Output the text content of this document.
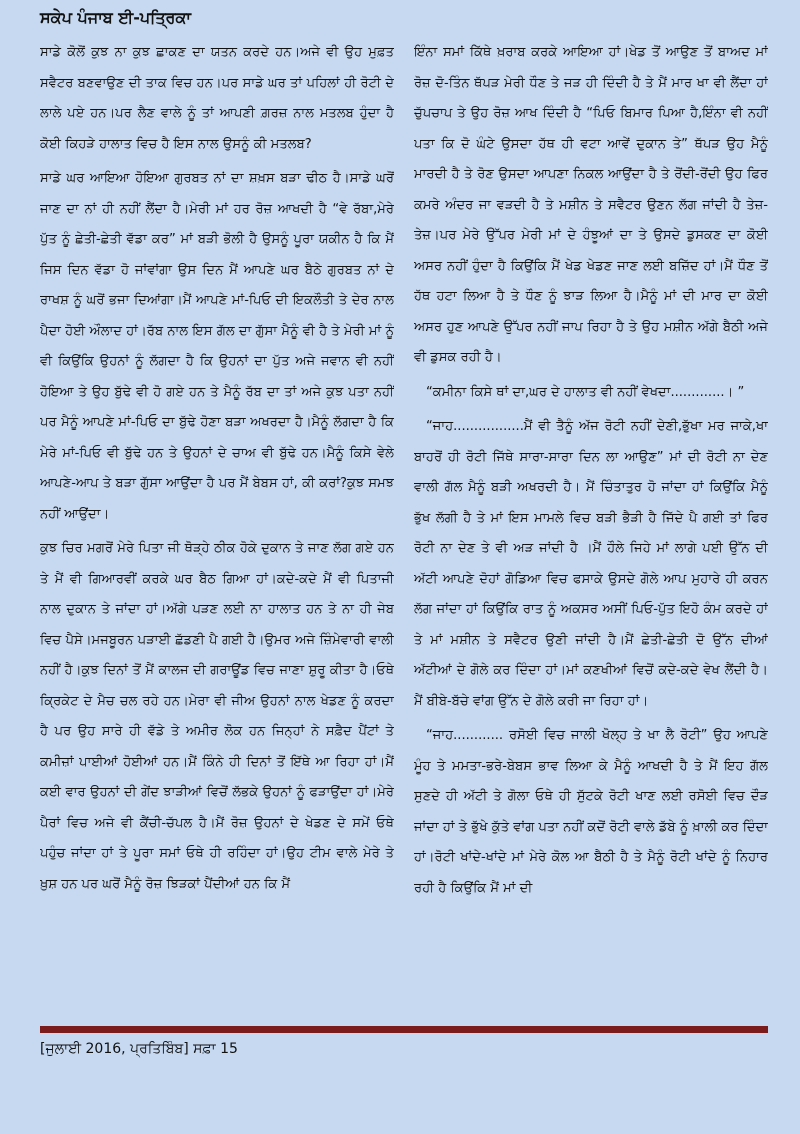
ਸਕੇਪ ਪੰਜਾਬ ਈ-ਪਤ੍ਰਿਕਾ

ਸਾਡੇ ਕੋਲੋਂ ਕੁਝ ਨਾ ਕੁਝ ਛਾਕਣ ਦਾ ਯਤਨ ਕਰਦੇ ਹਨ।ਅਜੇ ਵੀ ਉਹ ਮੁਫ਼ਤ ਸਵੈਟਰ ਬਣਵਾਉਣ ਦੀ ਤਾਕ ਵਿਚ ਹਨ।ਪਰ ਸਾਡੇ ਘਰ ਤਾਂ ਪਹਿਲਾਂ ਹੀ ਰੋਟੀ ਦੇ ਲਾਲੇ ਪਏ ਹਨ।ਪਰ ਲੈਣ ਵਾਲੇ ਨੂੰ ਤਾਂ ਆਪਣੀ ਗ਼ਰਜ਼ ਨਾਲ ਮਤਲਬ ਹੁੰਦਾ ਹੈ ਕੋਈ ਕਿਹੜੇ ਹਾਲਾਤ ਵਿਚ ਹੈ ਇਸ ਨਾਲ ਉਸਨੂੰ ਕੀ ਮਤਲਬ?

ਸਾਡੇ ਘਰ ਆਇਆ ਹੋਇਆ ਗੁਰਬਤ ਨਾਂ ਦਾ ਸ਼ਖ਼ਸ ਬੜਾ ਢੀਠ ਹੈ।ਸਾਡੇ ਘਰੋਂ ਜਾਣ ਦਾ ਨਾਂ ਹੀ ਨਹੀਂ ਲੈਂਦਾ ਹੈ।ਮੇਰੀ ਮਾਂ ਹਰ ਰੋਜ਼ ਆਖਦੀ ਹੈ “ਵੇ ਰੱਬਾ,ਮੇਰੇ ਪੁੱਤ ਨੂੰ ਛੇਤੀ-ਛੇਤੀ ਵੱਡਾ ਕਰ” ਮਾਂ ਬੜੀ ਭੋਲੀ ਹੈ ਉਸਨੂੰ ਪੂਰਾ ਯਕੀਨ ਹੈ ਕਿ ਮੈਂ ਜਿਸ ਦਿਨ ਵੱਡਾ ਹੋ ਜਾਂਵਾਂਗਾ ਉਸ ਦਿਨ ਮੈਂ ਆਪਣੇ ਘਰ ਬੈਠੇ ਗੁਰਬਤ ਨਾਂ ਦੇ ਰਾਖਸ਼ ਨੂੰ ਘਰੋਂ ਭਜਾ ਦਿਆਂਗਾ।ਮੈਂ ਆਪਣੇ ਮਾਂ-ਪਿਓ ਦੀ ਇਕਲੌਤੀ ਤੇ ਦੇਰ ਨਾਲ ਪੈਦਾ ਹੋਈ ਔਲਾਦ ਹਾਂ।ਰੱਬ ਨਾਲ ਇਸ ਗੱਲ ਦਾ ਗੁੱਸਾ ਮੈਨੂੰ ਵੀ ਹੈ ਤੇ ਮੇਰੀ ਮਾਂ ਨੂੰ ਵੀ ਕਿਉਂਕਿ ਉਹਨਾਂ ਨੂੰ ਲੱਗਦਾ ਹੈ ਕਿ ਉਹਨਾਂ ਦਾ ਪੁੱਤ ਅਜੇ ਜਵਾਨ ਵੀ ਨਹੀਂ ਹੋਇਆ ਤੇ ਉਹ ਬੁੱਢੇ ਵੀ ਹੋ ਗਏ ਹਨ ਤੇ ਮੈਨੂੰ ਰੱਬ ਦਾ ਤਾਂ ਅਜੇ ਕੁਝ ਪਤਾ ਨਹੀਂ ਪਰ ਮੈਨੂੰ ਆਪਣੇ ਮਾਂ-ਪਿਓ ਦਾ ਬੁੱਢੇ ਹੋਣਾ ਬੜਾ ਅਖਰਦਾ ਹੈ।ਮੈਨੂੰ ਲੱਗਦਾ ਹੈ ਕਿ ਮੇਰੇ ਮਾਂ-ਪਿਓ ਵੀ ਬੁੱਢੇ ਹਨ ਤੇ ਉਹਨਾਂ ਦੇ ਚਾਅ ਵੀ ਬੁੱਢੇ ਹਨ।ਮੈਨੂੰ ਕਿਸੇ ਵੇਲੇ ਆਪਣੇ-ਆਪ ਤੇ ਬੜਾ ਗੁੱਸਾ ਆਉਂਦਾ ਹੈ ਪਰ ਮੈਂ ਬੇਬਸ ਹਾਂ, ਕੀ ਕਰਾਂ?ਕੁਝ ਸਮਝ ਨਹੀਂ ਆਉਂਦਾ।

ਕੁਝ ਚਿਰ ਮਗਰੋਂ ਮੇਰੇ ਪਿਤਾ ਜੀ ਥੋੜ੍ਹੇ ਠੀਕ ਹੋਕੇ ਦੁਕਾਨ ਤੇ ਜਾਣ ਲੱਗ ਗਏ ਹਨ ਤੇ ਮੈਂ ਵੀ ਗਿਆਰਵੀਂ ਕਰਕੇ ਘਰ ਬੈਠ ਗਿਆ ਹਾਂ।ਕਦੇ-ਕਦੇ ਮੈਂ ਵੀ ਪਿਤਾਜੀ ਨਾਲ ਦੁਕਾਨ ਤੇ ਜਾਂਦਾ ਹਾਂ।ਅੱਗੇ ਪੜਣ ਲਈ ਨਾ ਹਾਲਾਤ ਹਨ ਤੇ ਨਾ ਹੀ ਜੇਬ ਵਿਚ ਪੈਸੇ।ਮਜਬੂਰਨ ਪੜਾਈ ਛੱਡਣੀ ਪੈ ਗਈ ਹੈ।ਉਮਰ ਅਜੇ ਜ਼ਿੰਮੇਵਾਰੀ ਵਾਲੀ ਨਹੀਂ ਹੈ।ਕੁਝ ਦਿਨਾਂ ਤੋਂ ਮੈਂ ਕਾਲਜ ਦੀ ਗਰਾਊਂਡ ਵਿਚ ਜਾਣਾ ਸ਼ੁਰੂ ਕੀਤਾ ਹੈ।ਓਥੇ ਕ੍ਰਿਕੇਟ ਦੇ ਮੈਚ ਚਲ ਰਹੇ ਹਨ।ਮੇਰਾ ਵੀ ਜੀਅ ਉਹਨਾਂ ਨਾਲ ਖੇਡਣ ਨੂੰ ਕਰਦਾ ਹੈ ਪਰ ਉਹ ਸਾਰੇ ਹੀ ਵੱਡੇ ਤੇ ਅਮੀਰ ਲੋਕ ਹਨ ਜਿਨ੍ਹਾਂ ਨੇ ਸਫ਼ੈਦ ਪੈਂਟਾਂ ਤੇ ਕਮੀਜ਼ਾਂ ਪਾਈਆਂ ਹੋਈਆਂ ਹਨ।ਮੈਂ ਕਿੰਨੇ ਹੀ ਦਿਨਾਂ ਤੋਂ ਇੱਥੇ ਆ ਰਿਹਾ ਹਾਂ।ਮੈਂ ਕਈ ਵਾਰ ਉਹਨਾਂ ਦੀ ਗੇਂਦ ਝਾੜੀਆਂ ਵਿਚੋਂ ਲੱਭਕੇ ਉਹਨਾਂ ਨੂੰ ਫੜਾਉਂਦਾ ਹਾਂ।ਮੇਰੇ ਪੈਰਾਂ ਵਿਚ ਅਜੇ ਵੀ ਕੈਂਚੀ-ਚੱਪਲ ਹੈ।ਮੈਂ ਰੋਜ਼ ਉਹਨਾਂ ਦੇ ਖੇਡਣ ਦੇ ਸਮੇਂ ਓਥੇ ਪਹੁੰਚ ਜਾਂਦਾ ਹਾਂ ਤੇ ਪੂਰਾ ਸਮਾਂ ਓਥੇ ਹੀ ਰਹਿੰਦਾ ਹਾਂ।ਉਹ ਟੀਮ ਵਾਲੇ ਮੇਰੇ ਤੇ ਖ਼ੁਸ਼ ਹਨ ਪਰ ਘਰੋਂ ਮੈਨੂੰ ਰੋਜ਼ ਝਿੜਕਾਂ ਪੈਂਦੀਆਂ ਹਨ ਕਿ ਮੈਂ

ਇੰਨਾ ਸਮਾਂ ਕਿੱਥੇ ਖ਼ਰਾਬ ਕਰਕੇ ਆਇਆ ਹਾਂ।ਖੇਡ ਤੋਂ ਆਉਣ ਤੋਂ ਬਾਅਦ ਮਾਂ ਰੋਜ਼ ਦੋ-ਤਿੰਨ ਥੱਪੜ ਮੇਰੀ ਧੌਣ ਤੇ ਜੜ ਹੀ ਦਿੰਦੀ ਹੈ ਤੇ ਮੈਂ ਮਾਰ ਖਾ ਵੀ ਲੈਂਦਾ ਹਾਂ ਚੁੱਪਚਾਪ ਤੇ ਉਹ ਰੋਜ਼ ਆਖ ਦਿੰਦੀ ਹੈ “ਪਿਓ ਬਿਮਾਰ ਪਿਆ ਹੈ,ਇੰਨਾ ਵੀ ਨਹੀਂ ਪਤਾ ਕਿ ਦੋ ਘੰਟੇ ਉਸਦਾ ਹੱਥ ਹੀ ਵਟਾ ਆਵੇਂ ਦੁਕਾਨ ਤੇ” ਥੱਪੜ ਉਹ ਮੈਨੂੰ ਮਾਰਦੀ ਹੈ ਤੇ ਰੋਣ ਉਸਦਾ ਆਪਣਾ ਨਿਕਲ ਆਉਂਦਾ ਹੈ ਤੇ ਰੋਂਦੀ-ਰੋਂਦੀ ਉਹ ਫਿਰ ਕਮਰੇ ਅੰਦਰ ਜਾ ਵੜਦੀ ਹੈ ਤੇ ਮਸ਼ੀਨ ਤੇ ਸਵੈਟਰ ਉਣਨ ਲੱਗ ਜਾਂਦੀ ਹੈ ਤੇਜ਼-ਤੇਜ਼।ਪਰ ਮੇਰੇ ਉੱਪਰ ਮੇਰੀ ਮਾਂ ਦੇ ਹੰਝੂਆਂ ਦਾ ਤੇ ਉਸਦੇ ਡੁਸਕਣ ਦਾ ਕੋਈ ਅਸਰ ਨਹੀਂ ਹੁੰਦਾ ਹੈ ਕਿਉਂਕਿ ਮੈਂ ਖੇਡ ਖੇਡਣ ਜਾਣ ਲਈ ਬਜ਼ਿੱਦ ਹਾਂ।ਮੈਂ ਧੌਣ ਤੋਂ ਹੱਥ ਹਟਾ ਲਿਆ ਹੈ ਤੇ ਧੌਣ ਨੂੰ ਝਾੜ ਲਿਆ ਹੈ।ਮੈਨੂੰ ਮਾਂ ਦੀ ਮਾਰ ਦਾ ਕੋਈ ਅਸਰ ਹੁਣ ਆਪਣੇ ਉੱਪਰ ਨਹੀਂ ਜਾਪ ਰਿਹਾ ਹੈ ਤੇ ਉਹ ਮਸ਼ੀਨ ਅੱਗੇ ਬੈਠੀ ਅਜੇ ਵੀ ਡੁਸਕ ਰਹੀ ਹੈ।

“ਕਮੀਨਾ ਕਿਸੇ ਥਾਂ ਦਾ,ਘਰ ਦੇ ਹਾਲਾਤ ਵੀ ਨਹੀਂ ਵੇਖਦਾ.............। ”

“ਜਾਹ.................ਮੈਂ ਵੀ ਤੈਨੂੰ ਅੱਜ ਰੋਟੀ ਨਹੀਂ ਦੇਣੀ,ਭੁੱਖਾ ਮਰ ਜਾਕੇ,ਖਾ ਬਾਹਰੋਂ ਹੀ ਰੋਟੀ ਜਿੱਥੇ ਸਾਰਾ-ਸਾਰਾ ਦਿਨ ਲਾ ਆਉਣ” ਮਾਂ ਦੀ ਰੋਟੀ ਨਾ ਦੇਣ ਵਾਲੀ ਗੱਲ ਮੈਨੂੰ ਬੜੀ ਅਖਰਦੀ ਹੈ। ਮੈਂ ਚਿੰਤਾਤੁਰ ਹੋ ਜਾਂਦਾ ਹਾਂ ਕਿਉਂਕਿ ਮੈਨੂੰ ਭੁੱਖ ਲੱਗੀ ਹੈ ਤੇ ਮਾਂ ਇਸ ਮਾਮਲੇ ਵਿਚ ਬੜੀ ਭੈੜੀ ਹੈ ਜਿੱਦੇ ਪੈ ਗਈ ਤਾਂ ਫਿਰ ਰੋਟੀ ਨਾ ਦੇਣ ਤੇ ਵੀ ਅੜ ਜਾਂਦੀ ਹੈ ।ਮੈਂ ਹੌਲੇ ਜਿਹੇ ਮਾਂ ਲਾਗੇ ਪਈ ਉੱਨ ਦੀ ਅੱਟੀ ਆਪਣੇ ਦੋਹਾਂ ਗੋਡਿਆ ਵਿਚ ਫਸਾਕੇ ਉਸਦੇ ਗੋਲੇ ਆਪ ਮੁਹਾਰੇ ਹੀ ਕਰਨ ਲੱਗ ਜਾਂਦਾ ਹਾਂ ਕਿਉਂਕਿ ਰਾਤ ਨੂੰ ਅਕਸਰ ਅਸੀਂ ਪਿਓ-ਪੁੱਤ ਇਹੋ ਕੰਮ ਕਰਦੇ ਹਾਂ ਤੇ ਮਾਂ ਮਸ਼ੀਨ ਤੇ ਸਵੈਟਰ ਉਣੀ ਜਾਂਦੀ ਹੈ।ਮੈਂ ਛੇਤੀ-ਛੇਤੀ ਦੋ ਉੱਨ ਦੀਆਂ ਅੱਟੀਆਂ ਦੇ ਗੋਲੇ ਕਰ ਦਿੰਦਾ ਹਾਂ।ਮਾਂ ਕਣਖੀਆਂ ਵਿਚੋਂ ਕਦੇ-ਕਦੇ ਵੇਖ ਲੈਂਦੀ ਹੈ।ਮੈਂ ਬੀਬੇ-ਬੱਚੇ ਵਾਂਗ ਉੱਨ ਦੇ ਗੋਲੇ ਕਰੀ ਜਾ ਰਿਹਾ ਹਾਂ।

“ਜਾਹ............ ਰਸੋਈ ਵਿਚ ਜਾਲੀ ਖੋਲ੍ਹ ਤੇ ਖਾ ਲੈ ਰੋਟੀ” ਉਹ ਆਪਣੇ ਮੂੰਹ ਤੇ ਮਮਤਾ-ਭਰੇ-ਬੇਬਸ ਭਾਵ ਲਿਆ ਕੇ ਮੈਨੂੰ ਆਖਦੀ ਹੈ ਤੇ ਮੈਂ ਇਹ ਗੱਲ ਸੁਣਦੇ ਹੀ ਅੱਟੀ ਤੇ ਗੋਲਾ ਓਥੇ ਹੀ ਸੁੱਟਕੇ ਰੋਟੀ ਖਾਣ ਲਈ ਰਸੋਈ ਵਿਚ ਦੌੜ ਜਾਂਦਾ ਹਾਂ ਤੇ ਭੁੱਖੇ ਕੁੱਤੇ ਵਾਂਗ ਪਤਾ ਨਹੀਂ ਕਦੋਂ ਰੋਟੀ ਵਾਲੇ ਡੱਬੇ ਨੂੰ ਖ਼ਾਲੀ ਕਰ ਦਿੰਦਾ ਹਾਂ।ਰੋਟੀ ਖਾਂਦੇ-ਖਾਂਦੇ ਮਾਂ ਮੇਰੇ ਕੋਲ ਆ ਬੈਠੀ ਹੈ ਤੇ ਮੈਨੂੰ ਰੋਟੀ ਖਾਂਦੇ ਨੂੰ ਨਿਹਾਰ ਰਹੀ ਹੈ ਕਿਉਂਕਿ ਮੈਂ ਮਾਂ ਦੀ

[ਜੁਲਾਈ 2016, ਪ੍ਰਤਿਬਿੰਬ] ਸਫ਼ਾ 15
